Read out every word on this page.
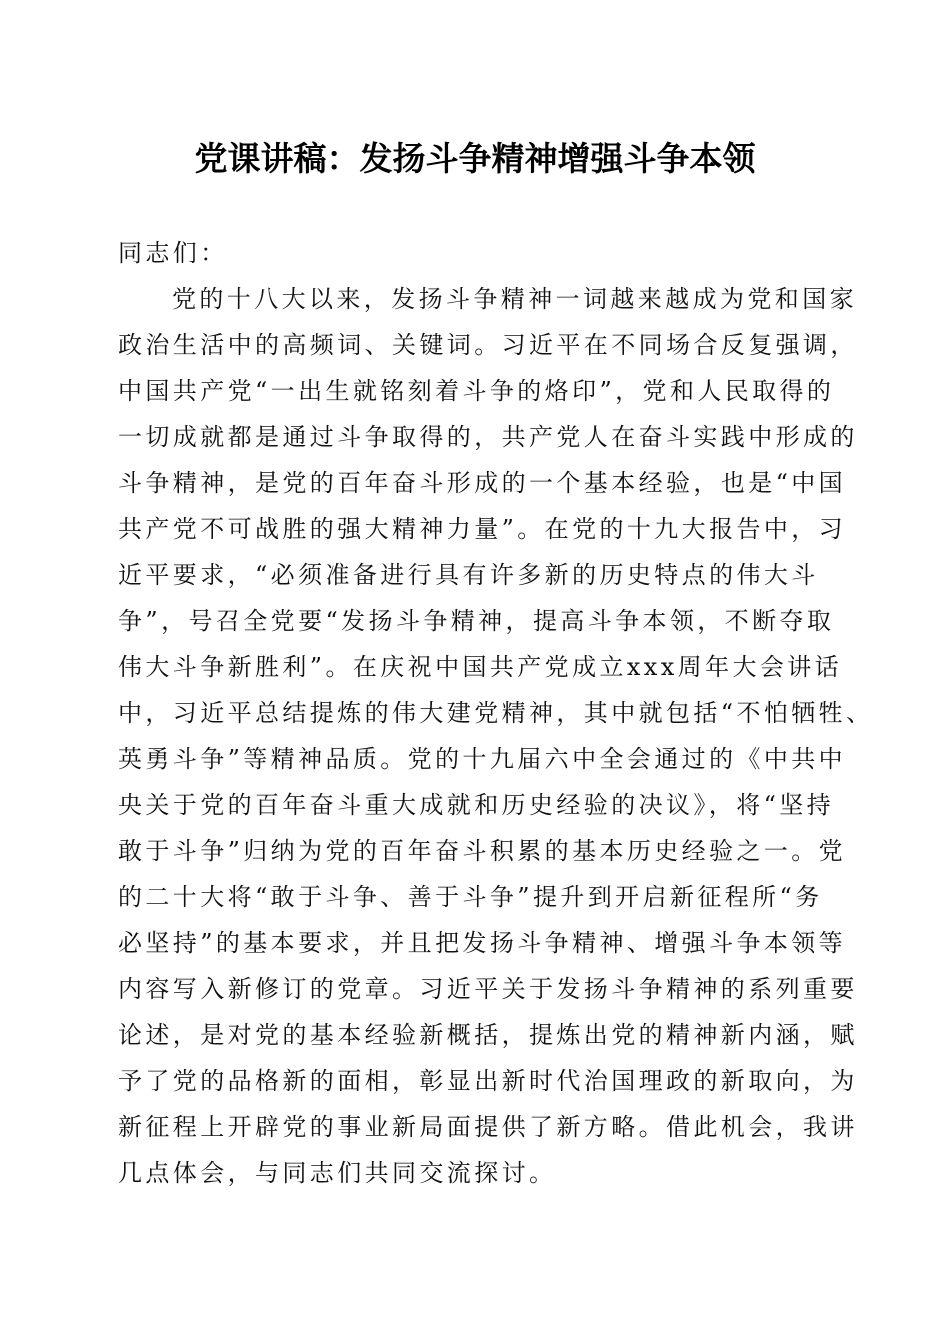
党课讲稿：发扬斗争精神增强斗争本领
同志们：
党的十八大以来，发扬斗争精神一词越来越成为党和国家
政治生活中的高频词、关键词。习近平在不同场合反复强调，
中国共产党“一出生就铭刻着斗争的烙印”，党和人民取得的
一切成就都是通过斗争取得的，共产党人在奋斗实践中形成的
斗争精神，是党的百年奋斗形成的一个基本经验，也是“中国
共产党不可战胜的强大精神力量”。在党的十九大报告中，习
近平要求，“必须准备进行具有许多新的历史特点的伟大斗
争”，号召全党要“发扬斗争精神，提高斗争本领，不断夺取
伟大斗争新胜利”。在庆祝中国共产党成立xxx周年大会讲话
中，习近平总结提炼的伟大建党精神，其中就包括“不怕牺牲、
英勇斗争”等精神品质。党的十九届六中全会通过的《中共中
央关于党的百年奋斗重大成就和历史经验的决议》，将“坚持
敢于斗争”归纳为党的百年奋斗积累的基本历史经验之一。党
的二十大将“敢于斗争、善于斗争”提升到开启新征程所“务
必坚持”的基本要求，并且把发扬斗争精神、增强斗争本领等
内容写入新修订的党章。习近平关于发扬斗争精神的系列重要
论述，是对党的基本经验新概括，提炼出党的精神新内涵，赋
予了党的品格新的面相，彰显出新时代治国理政的新取向，为
新征程上开辟党的事业新局面提供了新方略。借此机会，我讲
几点体会，与同志们共同交流探讨。
